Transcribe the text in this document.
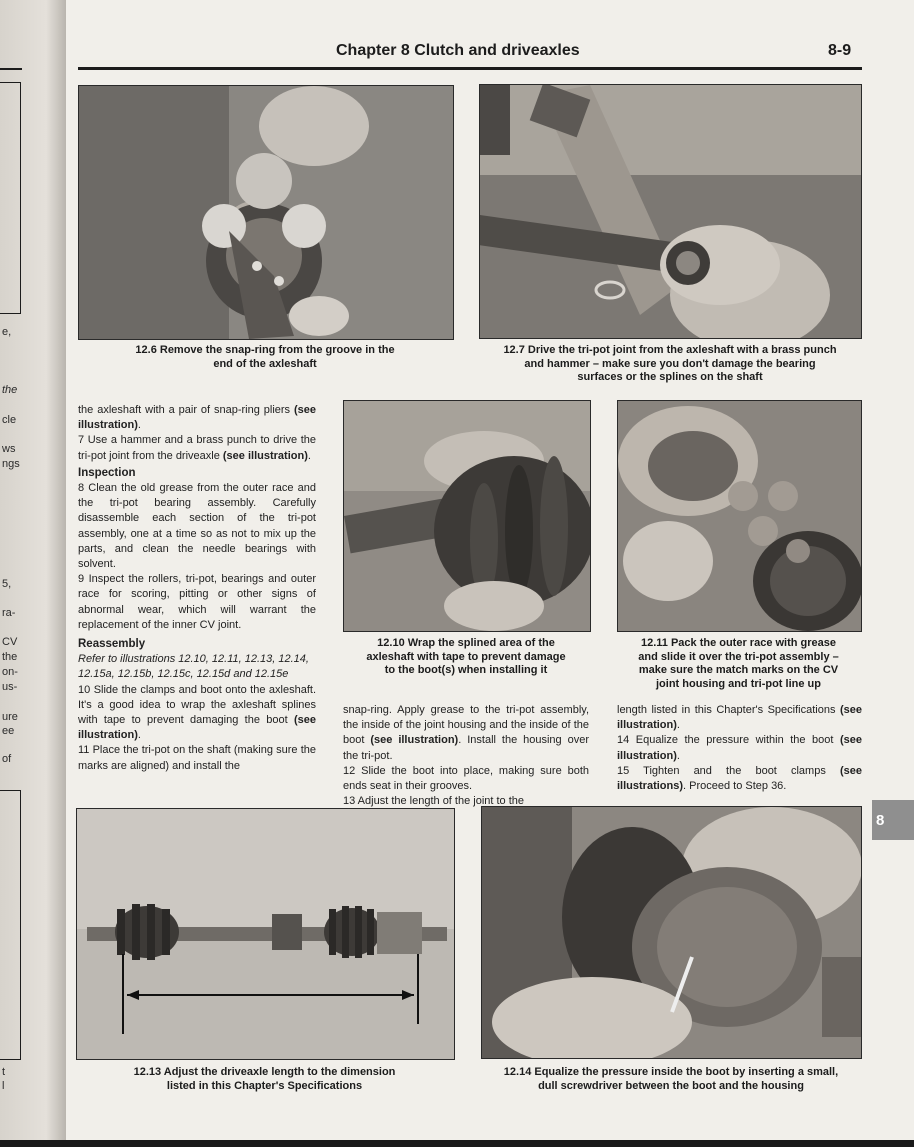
e,
the
cle
ws
ngs
5,
ra-
CV
the
on-
us-
ure
ee
of
t
l
Chapter 8 Clutch and driveaxles	8-9
12.6 Remove the snap-ring from the groove in the
end of the axleshaft
12.7 Drive the tri-pot joint from the axleshaft with a brass punch
and hammer – make sure you don't damage the bearing
surfaces or the splines on the shaft

the axleshaft with a pair of snap-ring pliers (see illustration).

7 Use a hammer and a brass punch to drive the tri-pot joint from the driveaxle (see illustration).

Inspection

8 Clean the old grease from the outer race and the tri-pot bearing assembly. Carefully disassemble each section of the tri-pot assembly, one at a time so as not to mix up the parts, and clean the needle bearings with solvent.

9 Inspect the rollers, tri-pot, bearings and outer race for scoring, pitting or other signs of abnormal wear, which will warrant the replacement of the inner CV joint.

Reassembly

Refer to illustrations 12.10, 12.11, 12.13, 12.14, 12.15a, 12.15b, 12.15c, 12.15d and 12.15e

10 Slide the clamps and boot onto the axleshaft. It's a good idea to wrap the axleshaft splines with tape to prevent damaging the boot (see illustration).

11 Place the tri-pot on the shaft (making sure the marks are aligned) and install the

12.10 Wrap the splined area of the
axleshaft with tape to prevent damage
to the boot(s) when installing it
12.11 Pack the outer race with grease
and slide it over the tri-pot assembly –
make sure the match marks on the CV
joint housing and tri-pot line up

snap-ring. Apply grease to the tri-pot assembly, the inside of the joint housing and the inside of the boot (see illustration). Install the housing over the tri-pot.

12 Slide the boot into place, making sure both ends seat in their grooves.

13 Adjust the length of the joint to the

length listed in this Chapter's Specifications (see illustration).

14 Equalize the pressure within the boot (see illustration).

15 Tighten and the boot clamps (see illustrations). Proceed to Step 36.

8
12.13 Adjust the driveaxle length to the dimension
listed in this Chapter's Specifications
12.14 Equalize the pressure inside the boot by inserting a small,
dull screwdriver between the boot and the housing
